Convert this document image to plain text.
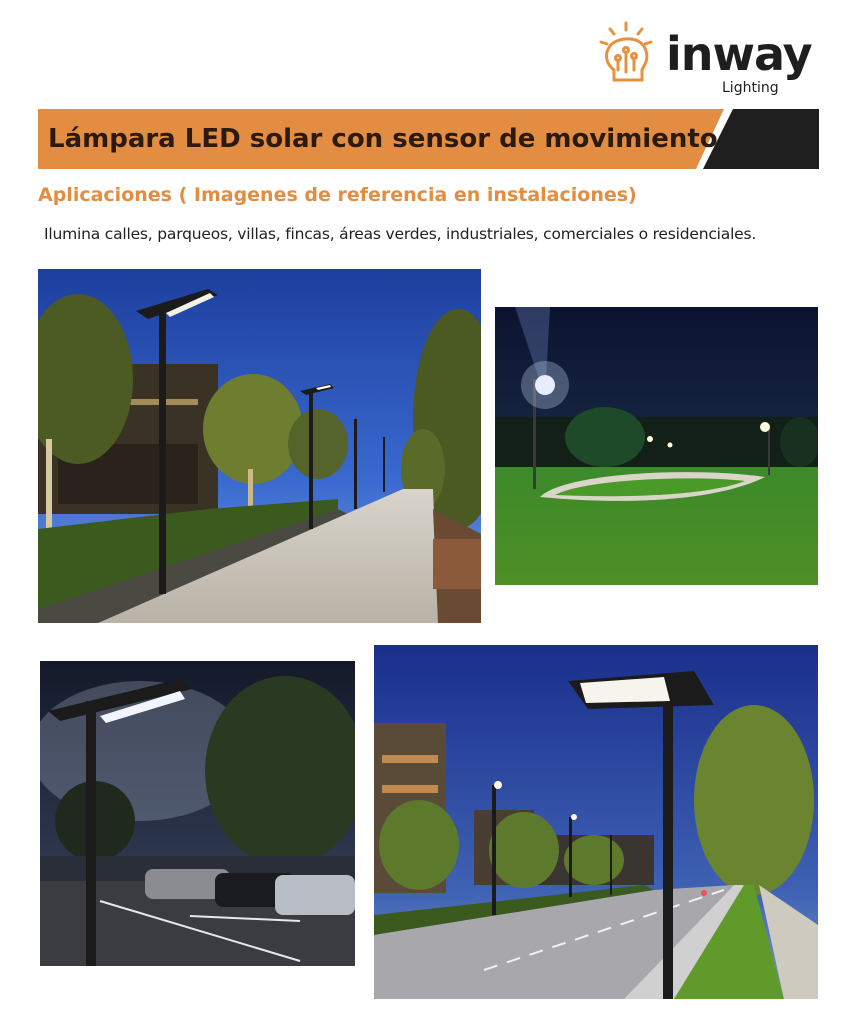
inway
Lighting
Lámpara LED solar con sensor de movimiento
Aplicaciones ( Imagenes de referencia en instalaciones)
Ilumina calles, parqueos, villas, fincas, áreas verdes, industriales, comerciales o residenciales.
